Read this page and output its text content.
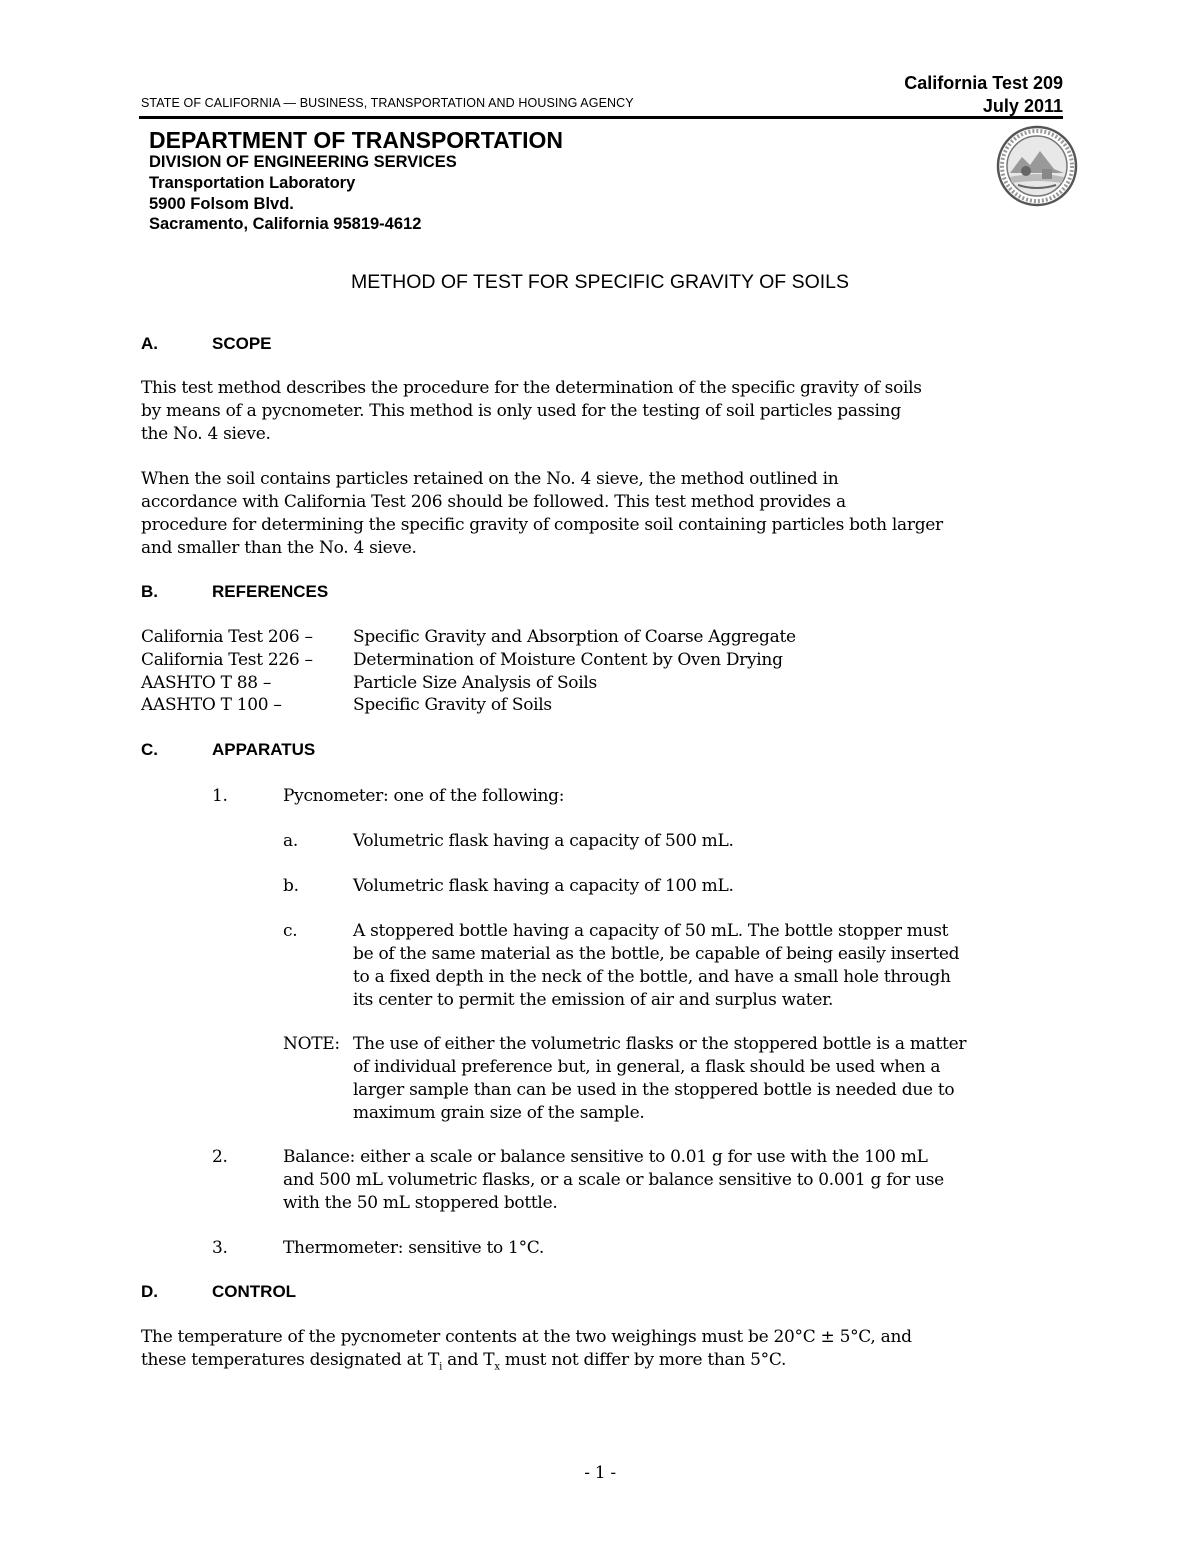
STATE OF CALIFORNIA — BUSINESS, TRANSPORTATION AND HOUSING AGENCY
California Test 209
July 2011
DEPARTMENT OF TRANSPORTATION
DIVISION OF ENGINEERING SERVICES
Transportation Laboratory
5900 Folsom Blvd.
Sacramento, California 95819-4612
METHOD OF TEST FOR SPECIFIC GRAVITY OF SOILS
A.	SCOPE
This test method describes the procedure for the determination of the specific gravity of soils
by means of a pycnometer. This method is only used for the testing of soil particles passing
the No. 4 sieve.
When the soil contains particles retained on the No. 4 sieve, the method outlined in
accordance with California Test 206 should be followed. This test method provides a
procedure for determining the specific gravity of composite soil containing particles both larger
and smaller than the No. 4 sieve.
B.	REFERENCES
California Test 206 – Specific Gravity and Absorption of Coarse Aggregate
California Test 226 – Determination of Moisture Content by Oven Drying
AASHTO T 88 –	Particle Size Analysis of Soils
AASHTO T 100 –	Specific Gravity of Soils
C.	APPARATUS
1.	Pycnometer: one of the following:
a.	Volumetric flask having a capacity of 500 mL.
b.	Volumetric flask having a capacity of 100 mL.
c.	A stoppered bottle having a capacity of 50 mL. The bottle stopper must
be of the same material as the bottle, be capable of being easily inserted
to a fixed depth in the neck of the bottle, and have a small hole through
its center to permit the emission of air and surplus water.
NOTE: The use of either the volumetric flasks or the stoppered bottle is a matter
of individual preference but, in general, a flask should be used when a
larger sample than can be used in the stoppered bottle is needed due to
maximum grain size of the sample.
2.	Balance: either a scale or balance sensitive to 0.01 g for use with the 100 mL
and 500 mL volumetric flasks, or a scale or balance sensitive to 0.001 g for use
with the 50 mL stoppered bottle.
3.	Thermometer: sensitive to 1°C.
D.	CONTROL
The temperature of the pycnometer contents at the two weighings must be 20°C ± 5°C, and
these temperatures designated at $T_i$ and $T_x$ must not differ by more than 5°C.
- 1 -
